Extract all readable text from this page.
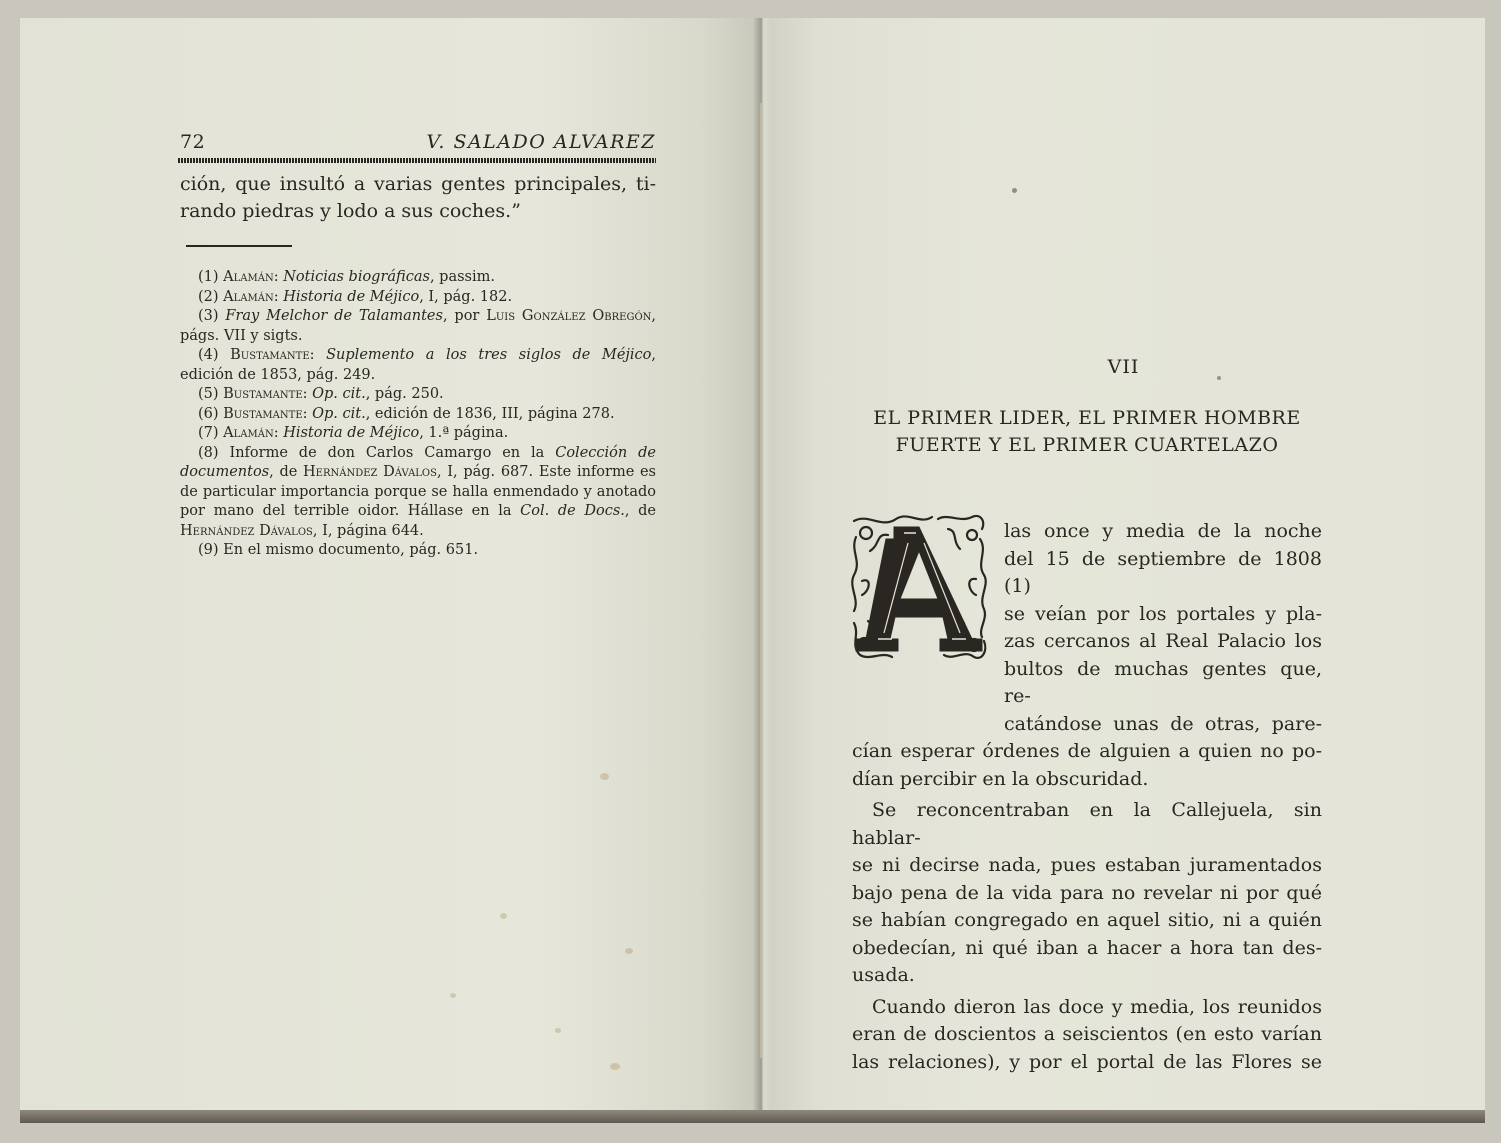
72	V. SALADO ALVAREZ
ción, que insultó a varias gentes principales, ti-
rando piedras y lodo a sus coches.”
(1) Alamán: Noticias biográficas, passim.
(2) Alamán: Historia de Méjico, I, pág. 182.
(3) Fray Melchor de Talamantes, por Luis González Obregón, págs. VII y sigts.
(4) Bustamante: Suplemento a los tres siglos de Méjico, edición de 1853, pág. 249.
(5) Bustamante: Op. cit., pág. 250.
(6) Bustamante: Op. cit., edición de 1836, III, página 278.
(7) Alamán: Historia de Méjico, 1.ª página.
(8) Informe de don Carlos Camargo en la Colección de documentos, de Hernández Dávalos, I, pág. 687. Este informe es de particular importancia porque se halla enmendado y anotado por mano del terrible oidor. Hállase en la Col. de Docs., de Hernández Dávalos, I, página 644.
(9) En el mismo documento, pág. 651.
VII
EL PRIMER LIDER, EL PRIMER HOMBRE
FUERTE Y EL PRIMER CUARTELAZO
las once y media de la noche
del 15 de septiembre de 1808 (1)
se veían por los portales y pla-
zas cercanos al Real Palacio los
bultos de muchas gentes que, re-
catándose unas de otras, pare-
cían esperar órdenes de alguien a quien no po-
dían percibir en la obscuridad.
Se reconcentraban en la Callejuela, sin hablar-
se ni decirse nada, pues estaban juramentados
bajo pena de la vida para no revelar ni por qué
se habían congregado en aquel sitio, ni a quién
obedecían, ni qué iban a hacer a hora tan des-
usada.
Cuando dieron las doce y media, los reunidos
eran de doscientos a seiscientos (en esto varían
las relaciones), y por el portal de las Flores se
